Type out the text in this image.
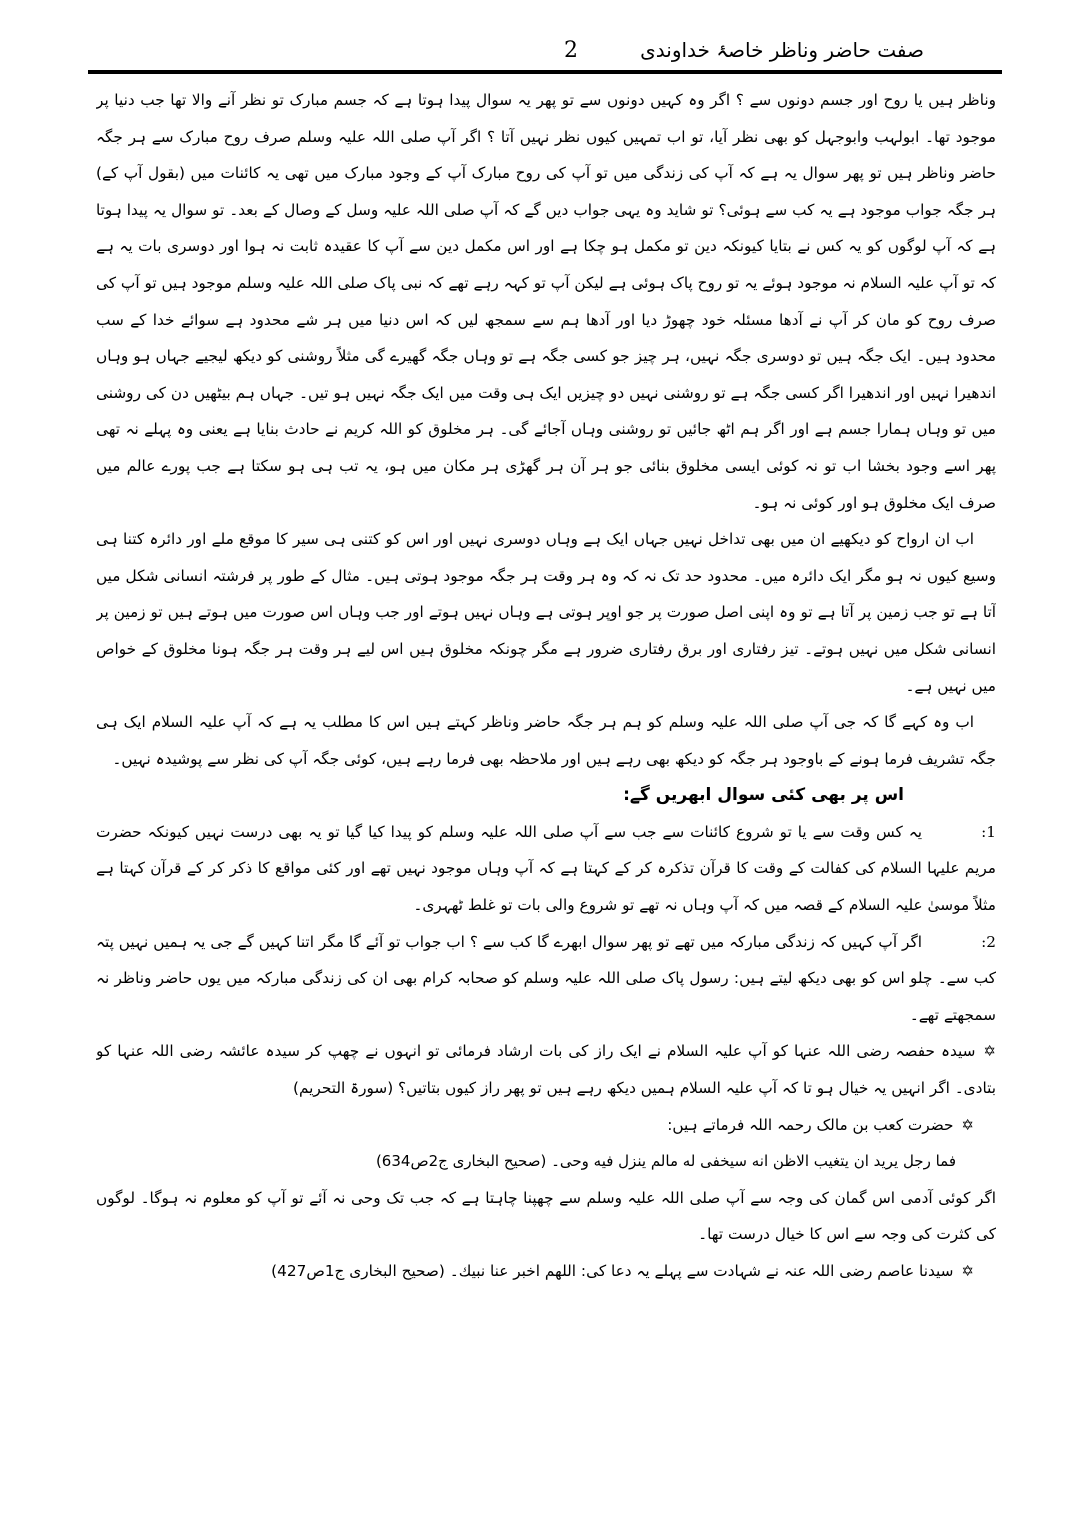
صفت حاضر وناظر خاصۂ خداوندی
2

وناظر ہیں یا روح اور جسم دونوں سے ؟ اگر وہ کہیں دونوں سے تو پھر یہ سوال پیدا ہوتا ہے کہ جسم مبارک تو نظر آنے والا تھا جب دنیا پر موجود تھا۔ ابولہب وابوجہل کو بھی نظر آیا، تو اب تمہیں کیوں نظر نہیں آتا ؟ اگر آپ صلی اللہ علیہ وسلم صرف روح مبارک سے ہر جگہ حاضر وناظر ہیں تو پھر سوال یہ ہے کہ آپ کی زندگی میں تو آپ کی روح مبارک آپ کے وجود مبارک میں تھی یہ کائنات میں (بقول آپ کے) ہر جگہ جواب موجود ہے یہ کب سے ہوئی؟ تو شاید وہ یہی جواب دیں گے کہ آپ صلی اللہ علیہ وسل کے وصال کے بعد۔ تو سوال یہ پیدا ہوتا ہے کہ آپ لوگوں کو یہ کس نے بتایا کیونکہ دین تو مکمل ہو چکا ہے اور اس مکمل دین سے آپ کا عقیدہ ثابت نہ ہوا اور دوسری بات یہ ہے کہ تو آپ علیہ السلام نہ موجود ہوئے یہ تو روح پاک ہوئی ہے لیکن آپ تو کہہ رہے تھے کہ نبی پاک صلی اللہ علیہ وسلم موجود ہیں تو آپ کی صرف روح کو مان کر آپ نے آدھا مسئلہ خود چھوڑ دیا اور آدھا ہم سے سمجھ لیں کہ اس دنیا میں ہر شے محدود ہے سوائے خدا کے سب محدود ہیں۔ ایک جگہ ہیں تو دوسری جگہ نہیں، ہر چیز جو کسی جگہ ہے تو وہاں جگہ گھیرے گی مثلاً روشنی کو دیکھ لیجیے جہاں ہو وہاں اندھیرا نہیں اور اندھیرا اگر کسی جگہ ہے تو روشنی نہیں دو چیزیں ایک ہی وقت میں ایک جگہ نہیں ہو تیں۔ جہاں ہم بیٹھیں دن کی روشنی میں تو وہاں ہمارا جسم ہے اور اگر ہم اٹھ جائیں تو روشنی وہاں آجائے گی۔ ہر مخلوق کو اللہ کریم نے حادث بنایا ہے یعنی وہ پہلے نہ تھی پھر اسے وجود بخشا اب تو نہ کوئی ایسی مخلوق بنائی جو ہر آن ہر گھڑی ہر مکان میں ہو، یہ تب ہی ہو سکتا ہے جب پورے عالم میں صرف ایک مخلوق ہو اور کوئی نہ ہو۔

اب ان ارواح کو دیکھیے ان میں بھی تداخل نہیں جہاں ایک ہے وہاں دوسری نہیں اور اس کو کتنی ہی سیر کا موقع ملے اور دائرہ کتنا ہی وسیع کیوں نہ ہو مگر ایک دائرہ میں۔ محدود حد تک نہ کہ وہ ہر وقت ہر جگہ موجود ہوتی ہیں۔ مثال کے طور پر فرشتہ انسانی شکل میں آتا ہے تو جب زمین پر آتا ہے تو وہ اپنی اصل صورت پر جو اوپر ہوتی ہے وہاں نہیں ہوتے اور جب وہاں اس صورت میں ہوتے ہیں تو زمین پر انسانی شکل میں نہیں ہوتے۔ تیز رفتاری اور برق رفتاری ضرور ہے مگر چونکہ مخلوق ہیں اس لیے ہر وقت ہر جگہ ہونا مخلوق کے خواص میں نہیں ہے۔

اب وہ کہے گا کہ جی آپ صلی اللہ علیہ وسلم کو ہم ہر جگہ حاضر وناظر کہتے ہیں اس کا مطلب یہ ہے کہ آپ علیہ السلام ایک ہی جگہ تشریف فرما ہونے کے باوجود ہر جگہ کو دیکھ بھی رہے ہیں اور ملاحظہ بھی فرما رہے ہیں، کوئی جگہ آپ کی نظر سے پوشیدہ نہیں۔

اس پر بھی کئی سوال ابھریں گے:

1:یہ کس وقت سے یا تو شروع کائنات سے جب سے آپ صلی اللہ علیہ وسلم کو پیدا کیا گیا تو یہ بھی درست نہیں کیونکہ حضرت مریم علیہا السلام کی کفالت کے وقت کا قرآن تذکرہ کر کے کہتا ہے کہ آپ وہاں موجود نہیں تھے اور کئی مواقع کا ذکر کر کے قرآن کہتا ہے مثلاً موسیٰ علیہ السلام کے قصہ میں کہ آپ وہاں نہ تھے تو شروع والی بات تو غلط ٹھہری۔

2:اگر آپ کہیں کہ زندگی مبارکہ میں تھے تو پھر سوال ابھرے گا کب سے ؟ اب جواب تو آئے گا مگر اتنا کہیں گے جی یہ ہمیں نہیں پتہ کب سے۔ چلو اس کو بھی دیکھ لیتے ہیں: رسول پاک صلی اللہ علیہ وسلم کو صحابہ کرام بھی ان کی زندگی مبارکہ میں یوں حاضر وناظر نہ سمجھتے تھے۔

✡سیدہ حفصہ رضی اللہ عنہا کو آپ علیہ السلام نے ایک راز کی بات ارشاد فرمائی تو انہوں نے چھپ کر سیدہ عائشہ رضی اللہ عنہا کو بتادی۔ اگر انہیں یہ خیال ہو تا کہ آپ علیہ السلام ہمیں دیکھ رہے ہیں تو پھر راز کیوں بتاتیں؟ (سورۃ التحریم)

✡حضرت کعب بن مالک رحمہ اللہ فرماتے ہیں:

فما رجل یرید ان یتغیب الاظن انه سیخفی له مالم ینزل فیه وحی۔ (صحیح البخاری ج2ص634)

اگر کوئی آدمی اس گمان کی وجہ سے آپ صلی اللہ علیہ وسلم سے چھپنا چاہتا ہے کہ جب تک وحی نہ آئے تو آپ کو معلوم نہ ہوگا۔ لوگوں کی کثرت کی وجہ سے اس کا خیال درست تھا۔

✡سیدنا عاصم رضی اللہ عنہ نے شہادت سے پہلے یہ دعا کی: اللهم اخبر عنا نبیك۔ (صحیح البخاری ج1ص427)
